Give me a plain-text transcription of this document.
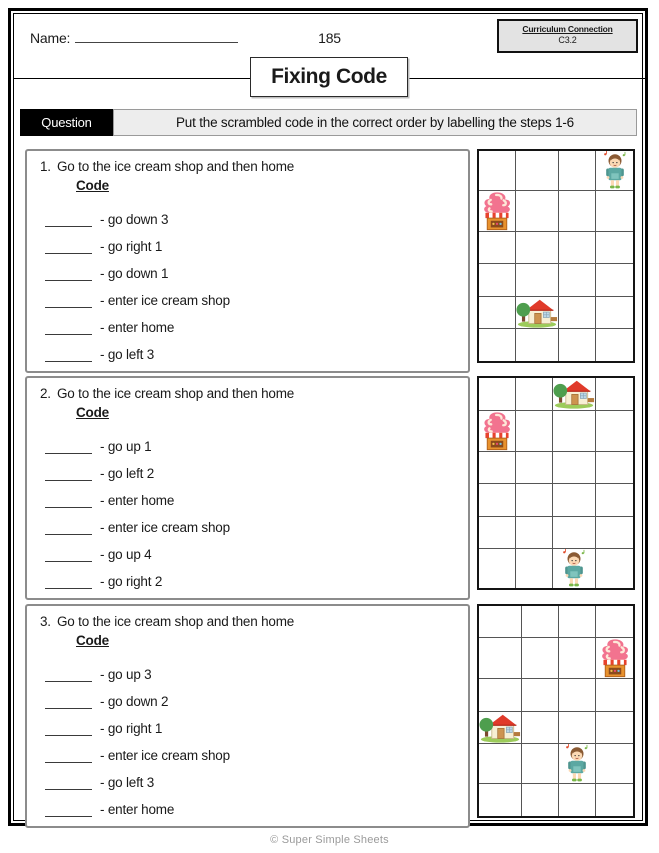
Name:	185
Curriculum Connection
C3.2
Fixing Code
Question	Put the scrambled code in the correct order by labelling the steps 1-6
1. Go to the ice cream shop and then home
Code
- go down 3
- go right 1
- go down 1
- enter ice cream shop
- enter home
- go left 3
2. Go to the ice cream shop and then home
Code
- go up 1
- go left 2
- enter home
- enter ice cream shop
- go up 4
- go right 2
3. Go to the ice cream shop and then home
Code
- go up 3
- go down 2
- go right 1
- enter ice cream shop
- go left 3
- enter home
© Super Simple Sheets
